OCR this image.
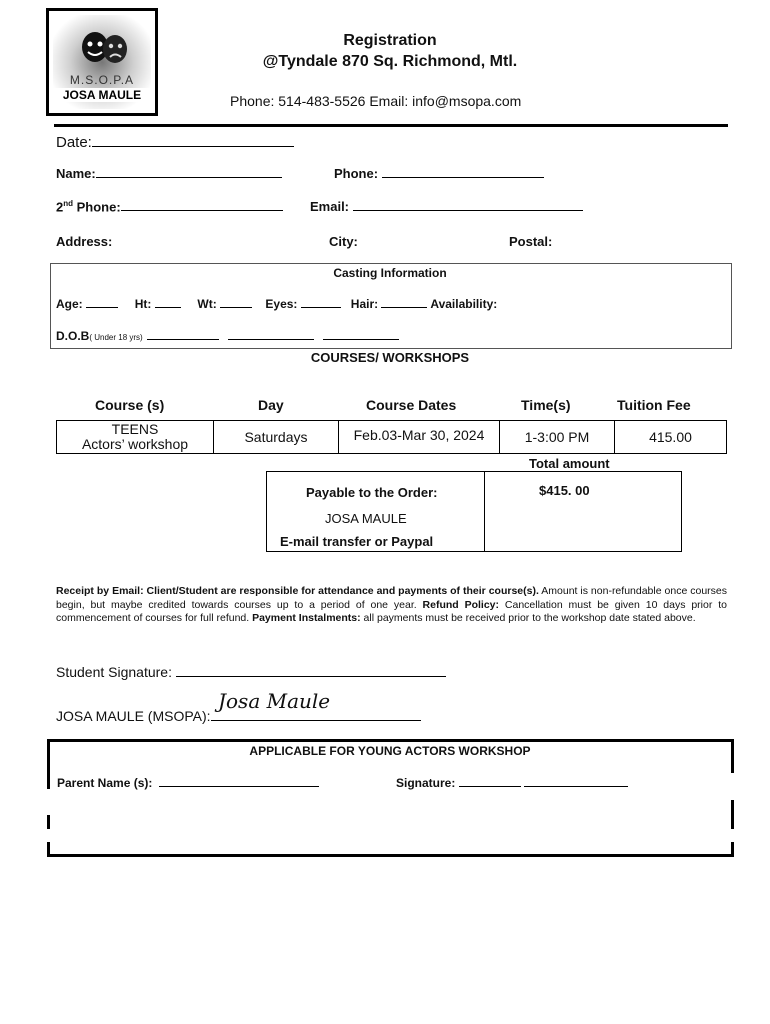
M.S.O.P.A
JOSA MAULE
Registration
@Tyndale 870 Sq. Richmond, Mtl.
Phone: 514-483-5526 Email: info@msopa.com
Date:
Name:	Phone:
2nd Phone:	Email:
Address:	City:	Postal:
Casting Information
Age:	Ht:	Wt:	Eyes:	Hair:	Availability:
D.O.B( Under 18 yrs)
COURSES/ WORKSHOPS
Course (s)	Day	Course Dates	Time(s)	Tuition Fee
TEENS
Actors’ workshop	Saturdays	Feb.03-Mar 30, 2024	1-3:00 PM	415.00
Total amount
Payable to the Order:
JOSA MAULE
E-mail transfer or Paypal
$415. 00
Receipt by Email: Client/Student are responsible for attendance and payments of their course(s). Amount is non-refundable once courses begin, but maybe credited towards courses up to a period of one year. Refund Policy: Cancellation must be given 10 days prior to commencement of courses for full refund. Payment Instalments: all payments must be received prior to the workshop date stated above.
Student Signature:
JOSA MAULE (MSOPA):
Josa Maule
APPLICABLE FOR YOUNG ACTORS WORKSHOP
Parent Name (s):	Signature:
